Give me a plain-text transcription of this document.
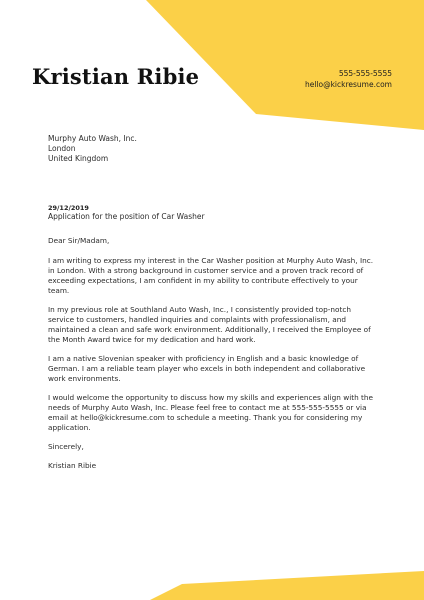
Kristian Ribie	555-555-5555
hello@kickresume.com
Murphy Auto Wash, Inc.
London
United Kingdom
29/12/2019
Application for the position of Car Washer

Dear Sir/Madam,

I am writing to express my interest in the Car Washer position at Murphy Auto Wash, Inc. in London. With a strong background in customer service and a proven track record of exceeding expectations, I am confident in my ability to contribute effectively to your team.

In my previous role at Southland Auto Wash, Inc., I consistently provided top-notch service to customers, handled inquiries and complaints with professionalism, and maintained a clean and safe work environment. Additionally, I received the Employee of the Month Award twice for my dedication and hard work.

I am a native Slovenian speaker with proficiency in English and a basic knowledge of German. I am a reliable team player who excels in both independent and collaborative work environments.

I would welcome the opportunity to discuss how my skills and experiences align with the needs of Murphy Auto Wash, Inc. Please feel free to contact me at 555-555-5555 or via email at hello@kickresume.com to schedule a meeting. Thank you for considering my application.

Sincerely,

Kristian Ribie
